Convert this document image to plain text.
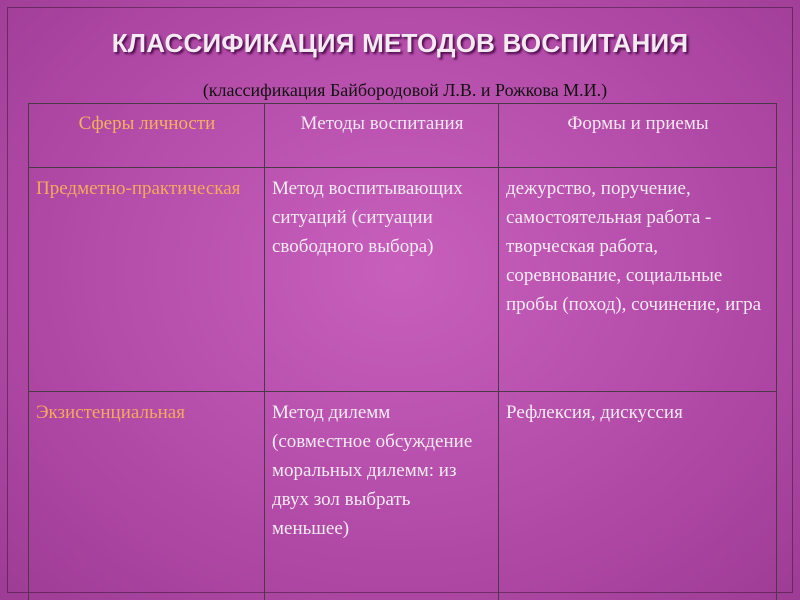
КЛАССИФИКАЦИЯ МЕТОДОВ ВОСПИТАНИЯ
(классификация Байбородовой Л.В. и Рожкова М.И.)
Сферы личности	Методы воспитания	Формы и приемы
Предметно-практическая	Метод воспитывающих ситуаций (ситуации свободного выбора)	дежурство, поручение, самостоятельная работа - творческая работа, соревнование, социальные пробы (поход), сочинение, игра
Экзистенциальная	Метод дилемм (совместное обсуждение моральных дилемм: из двух зол выбрать меньшее)	Рефлексия, дискуссия
